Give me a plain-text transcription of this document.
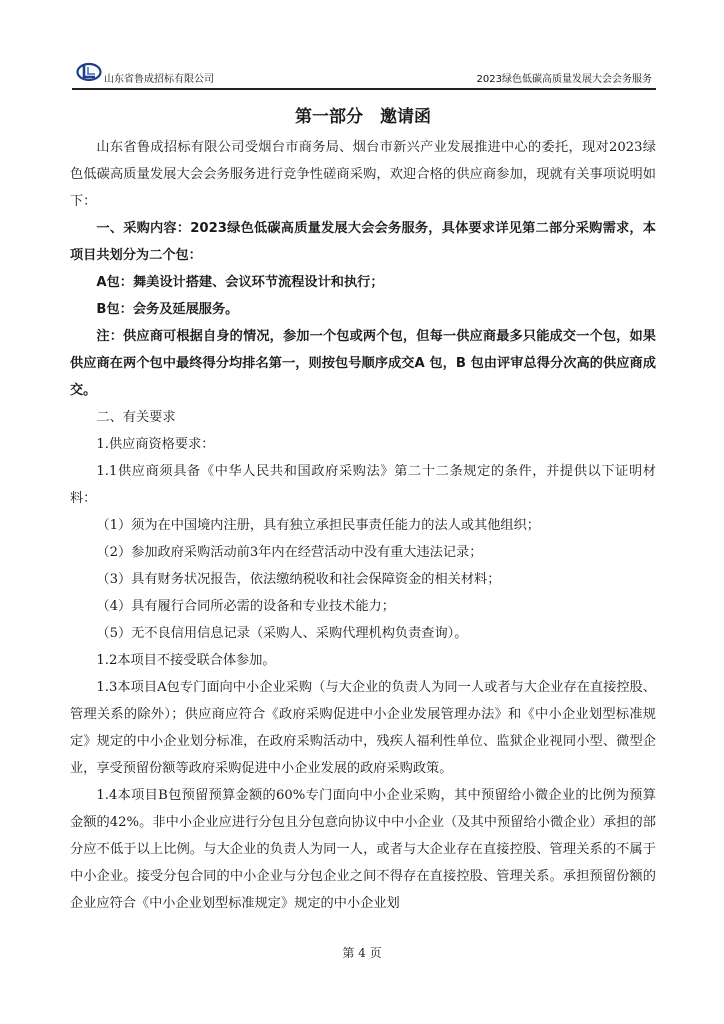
山东省鲁成招标有限公司	2023绿色低碳高质量发展大会会务服务
第一部分　邀请函

山东省鲁成招标有限公司受烟台市商务局、烟台市新兴产业发展推进中心的委托，现对2023绿色低碳高质量发展大会会务服务进行竞争性磋商采购，欢迎合格的供应商参加，现就有关事项说明如下：

一、采购内容：2023绿色低碳高质量发展大会会务服务，具体要求详见第二部分采购需求，本项目共划分为二个包：

A包：舞美设计搭建、会议环节流程设计和执行；

B包：会务及延展服务。

注：供应商可根据自身的情况，参加一个包或两个包，但每一供应商最多只能成交一个包，如果供应商在两个包中最终得分均排名第一，则按包号顺序成交A 包，B 包由评审总得分次高的供应商成交。

二、有关要求

1.供应商资格要求：

1.1供应商须具备《中华人民共和国政府采购法》第二十二条规定的条件，并提供以下证明材料：

（1）须为在中国境内注册，具有独立承担民事责任能力的法人或其他组织；

（2）参加政府采购活动前3年内在经营活动中没有重大违法记录；

（3）具有财务状况报告，依法缴纳税收和社会保障资金的相关材料；

（4）具有履行合同所必需的设备和专业技术能力；

（5）无不良信用信息记录（采购人、采购代理机构负责查询）。

1.2本项目不接受联合体参加。

1.3本项目A包专门面向中小企业采购（与大企业的负责人为同一人或者与大企业存在直接控股、管理关系的除外）；供应商应符合《政府采购促进中小企业发展管理办法》和《中小企业划型标准规定》规定的中小企业划分标准，在政府采购活动中，残疾人福利性单位、监狱企业视同小型、微型企业，享受预留份额等政府采购促进中小企业发展的政府采购政策。

1.4本项目B包预留预算金额的60%专门面向中小企业采购，其中预留给小微企业的比例为预算金额的42%。非中小企业应进行分包且分包意向协议中中小企业（及其中预留给小微企业）承担的部分应不低于以上比例。与大企业的负责人为同一人，或者与大企业存在直接控股、管理关系的不属于中小企业。接受分包合同的中小企业与分包企业之间不得存在直接控股、管理关系。承担预留份额的企业应符合《中小企业划型标准规定》规定的中小企业划

第 4 页
